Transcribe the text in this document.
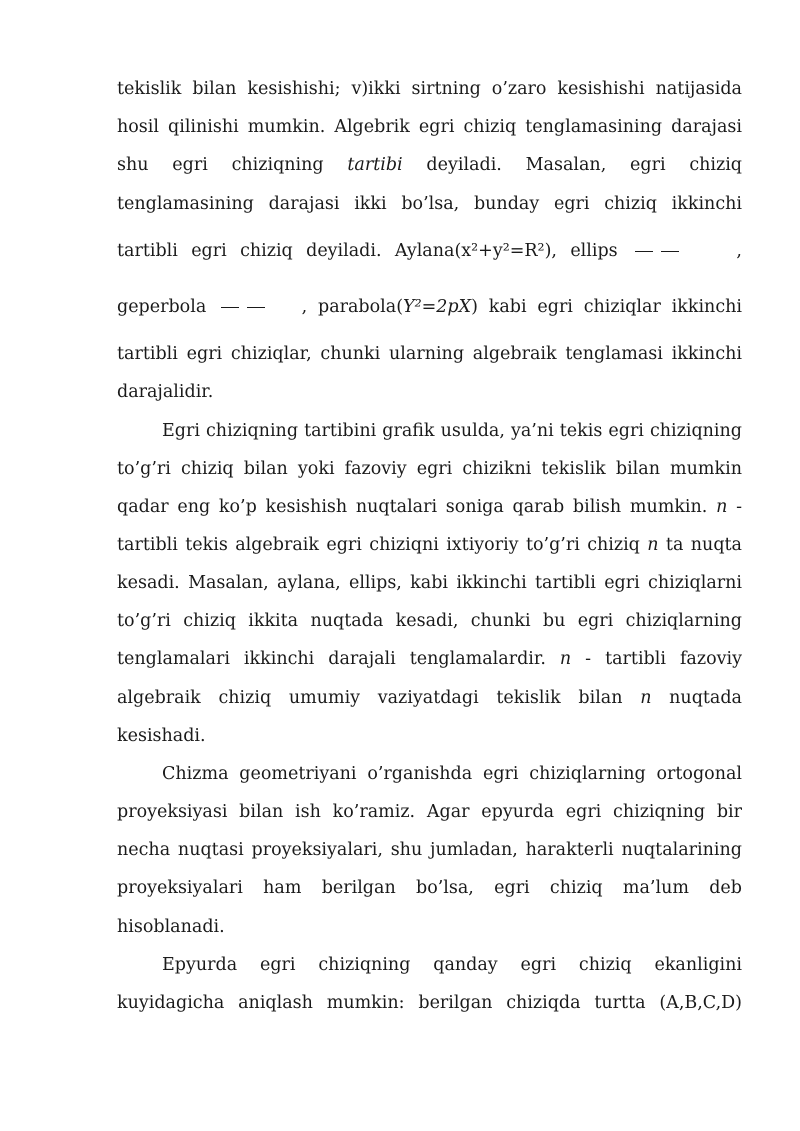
tekislik bilan kesishishi; v)ikki sirtning o’zaro kesishishi natijasida
hosil qilinishi mumkin. Algebrik egri chiziq tenglamasining darajasi
shu egri chiziqning tartibi deyiladi. Masalan, egri chiziq
tenglamasining darajasi ikki bo’lsa, bunday egri chiziq ikkinchi
tartibli egri chiziq deyiladi. Aylana(x²+y²=R²), ellips	,
geperbola	, parabola(Y²=2pX) kabi egri chiziqlar ikkinchi
tartibli egri chiziqlar, chunki ularning algebraik tenglamasi ikkinchi
darajalidir.
Egri chiziqning tartibini grafik usulda, ya’ni tekis egri chiziqning
to’g’ri chiziq bilan yoki fazoviy egri chizikni tekislik bilan mumkin
qadar eng ko’p kesishish nuqtalari soniga qarab bilish mumkin. n -
tartibli tekis algebraik egri chiziqni ixtiyoriy to’g’ri chiziq n ta nuqta
kesadi. Masalan, aylana, ellips, kabi ikkinchi tartibli egri chiziqlarni
to’g’ri chiziq ikkita nuqtada kesadi, chunki bu egri chiziqlarning
tenglamalari ikkinchi darajali tenglamalardir. n - tartibli fazoviy
algebraik chiziq umumiy vaziyatdagi tekislik bilan n nuqtada
kesishadi.
Chizma geometriyani o’rganishda egri chiziqlarning ortogonal
proyeksiyasi bilan ish ko’ramiz. Agar epyurda egri chiziqning bir
necha nuqtasi proyeksiyalari, shu jumladan, harakterli nuqtalarining
proyeksiyalari ham berilgan bo’lsa, egri chiziq ma’lum deb
hisoblanadi.
Epyurda egri chiziqning qanday egri chiziq ekanligini
kuyidagicha aniqlash mumkin: berilgan chiziqda turtta (A,B,C,D)
